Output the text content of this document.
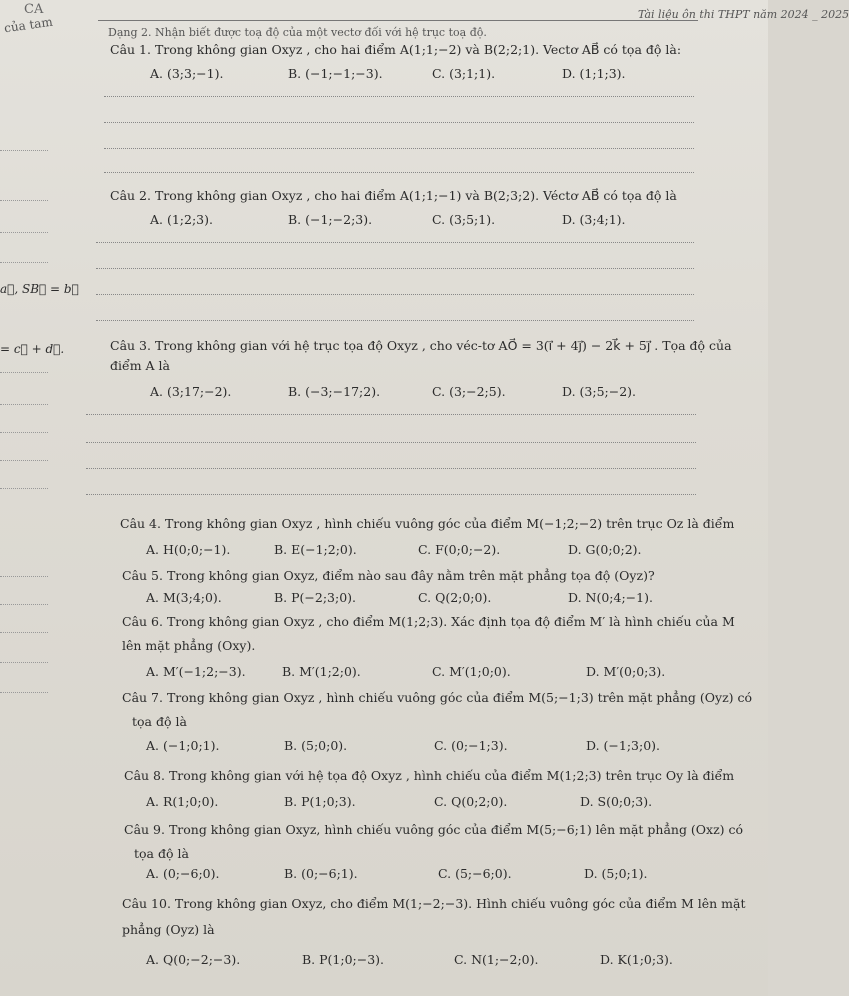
CA
của tam
Tài liệu ôn thi THPT năm 2024 _ 2025
Dạng 2. Nhận biết được toạ độ của một vectơ đối với hệ trục toạ độ.
a⃗, SB⃗ = b⃗
= c⃗ + d⃗.
Câu 1. Trong không gian Oxyz , cho hai điểm A(1;1;−2) và B(2;2;1). Vectơ AB⃗ có tọa độ là:
A. (3;3;−1).	B. (−1;−1;−3).	C. (3;1;1).	D. (1;1;3).
Câu 2. Trong không gian Oxyz , cho hai điểm A(1;1;−1) và B(2;3;2). Véctơ AB⃗ có tọa độ là
A. (1;2;3).	B. (−1;−2;3).	C. (3;5;1).	D. (3;4;1).
Câu 3. Trong không gian với hệ trục tọa độ Oxyz , cho véc-tơ AO⃗ = 3(i⃗ + 4j⃗) − 2k⃗ + 5j⃗ . Tọa độ của
điểm A là
A. (3;17;−2).	B. (−3;−17;2).	C. (3;−2;5).	D. (3;5;−2).
Câu 4. Trong không gian Oxyz , hình chiếu vuông góc của điểm M(−1;2;−2) trên trục Oz là điểm
A. H(0;0;−1).	B. E(−1;2;0).	C. F(0;0;−2).	D. G(0;0;2).
Câu 5. Trong không gian Oxyz, điểm nào sau đây nằm trên mặt phẳng tọa độ (Oyz)?
A. M(3;4;0).	B. P(−2;3;0).	C. Q(2;0;0).	D. N(0;4;−1).
Câu 6. Trong không gian Oxyz , cho điểm M(1;2;3). Xác định tọa độ điểm M′ là hình chiếu của M
lên mặt phẳng (Oxy).
A. M′(−1;2;−3).	B. M′(1;2;0).	C. M′(1;0;0).	D. M′(0;0;3).
Câu 7. Trong không gian Oxyz , hình chiếu vuông góc của điểm M(5;−1;3) trên mặt phẳng (Oyz) có
tọa độ là
A. (−1;0;1).	B. (5;0;0).	C. (0;−1;3).	D. (−1;3;0).
Câu 8. Trong không gian với hệ tọa độ Oxyz , hình chiếu của điểm M(1;2;3) trên trục Oy là điểm
A. R(1;0;0).	B. P(1;0;3).	C. Q(0;2;0).	D. S(0;0;3).
Câu 9. Trong không gian Oxyz, hình chiếu vuông góc của điểm M(5;−6;1) lên mặt phẳng (Oxz) có
tọa độ là
A. (0;−6;0).	B. (0;−6;1).	C. (5;−6;0).	D. (5;0;1).
Câu 10. Trong không gian Oxyz, cho điểm M(1;−2;−3). Hình chiếu vuông góc của điểm M lên mặt
phẳng (Oyz) là
A. Q(0;−2;−3).	B. P(1;0;−3).	C. N(1;−2;0).	D. K(1;0;3).
